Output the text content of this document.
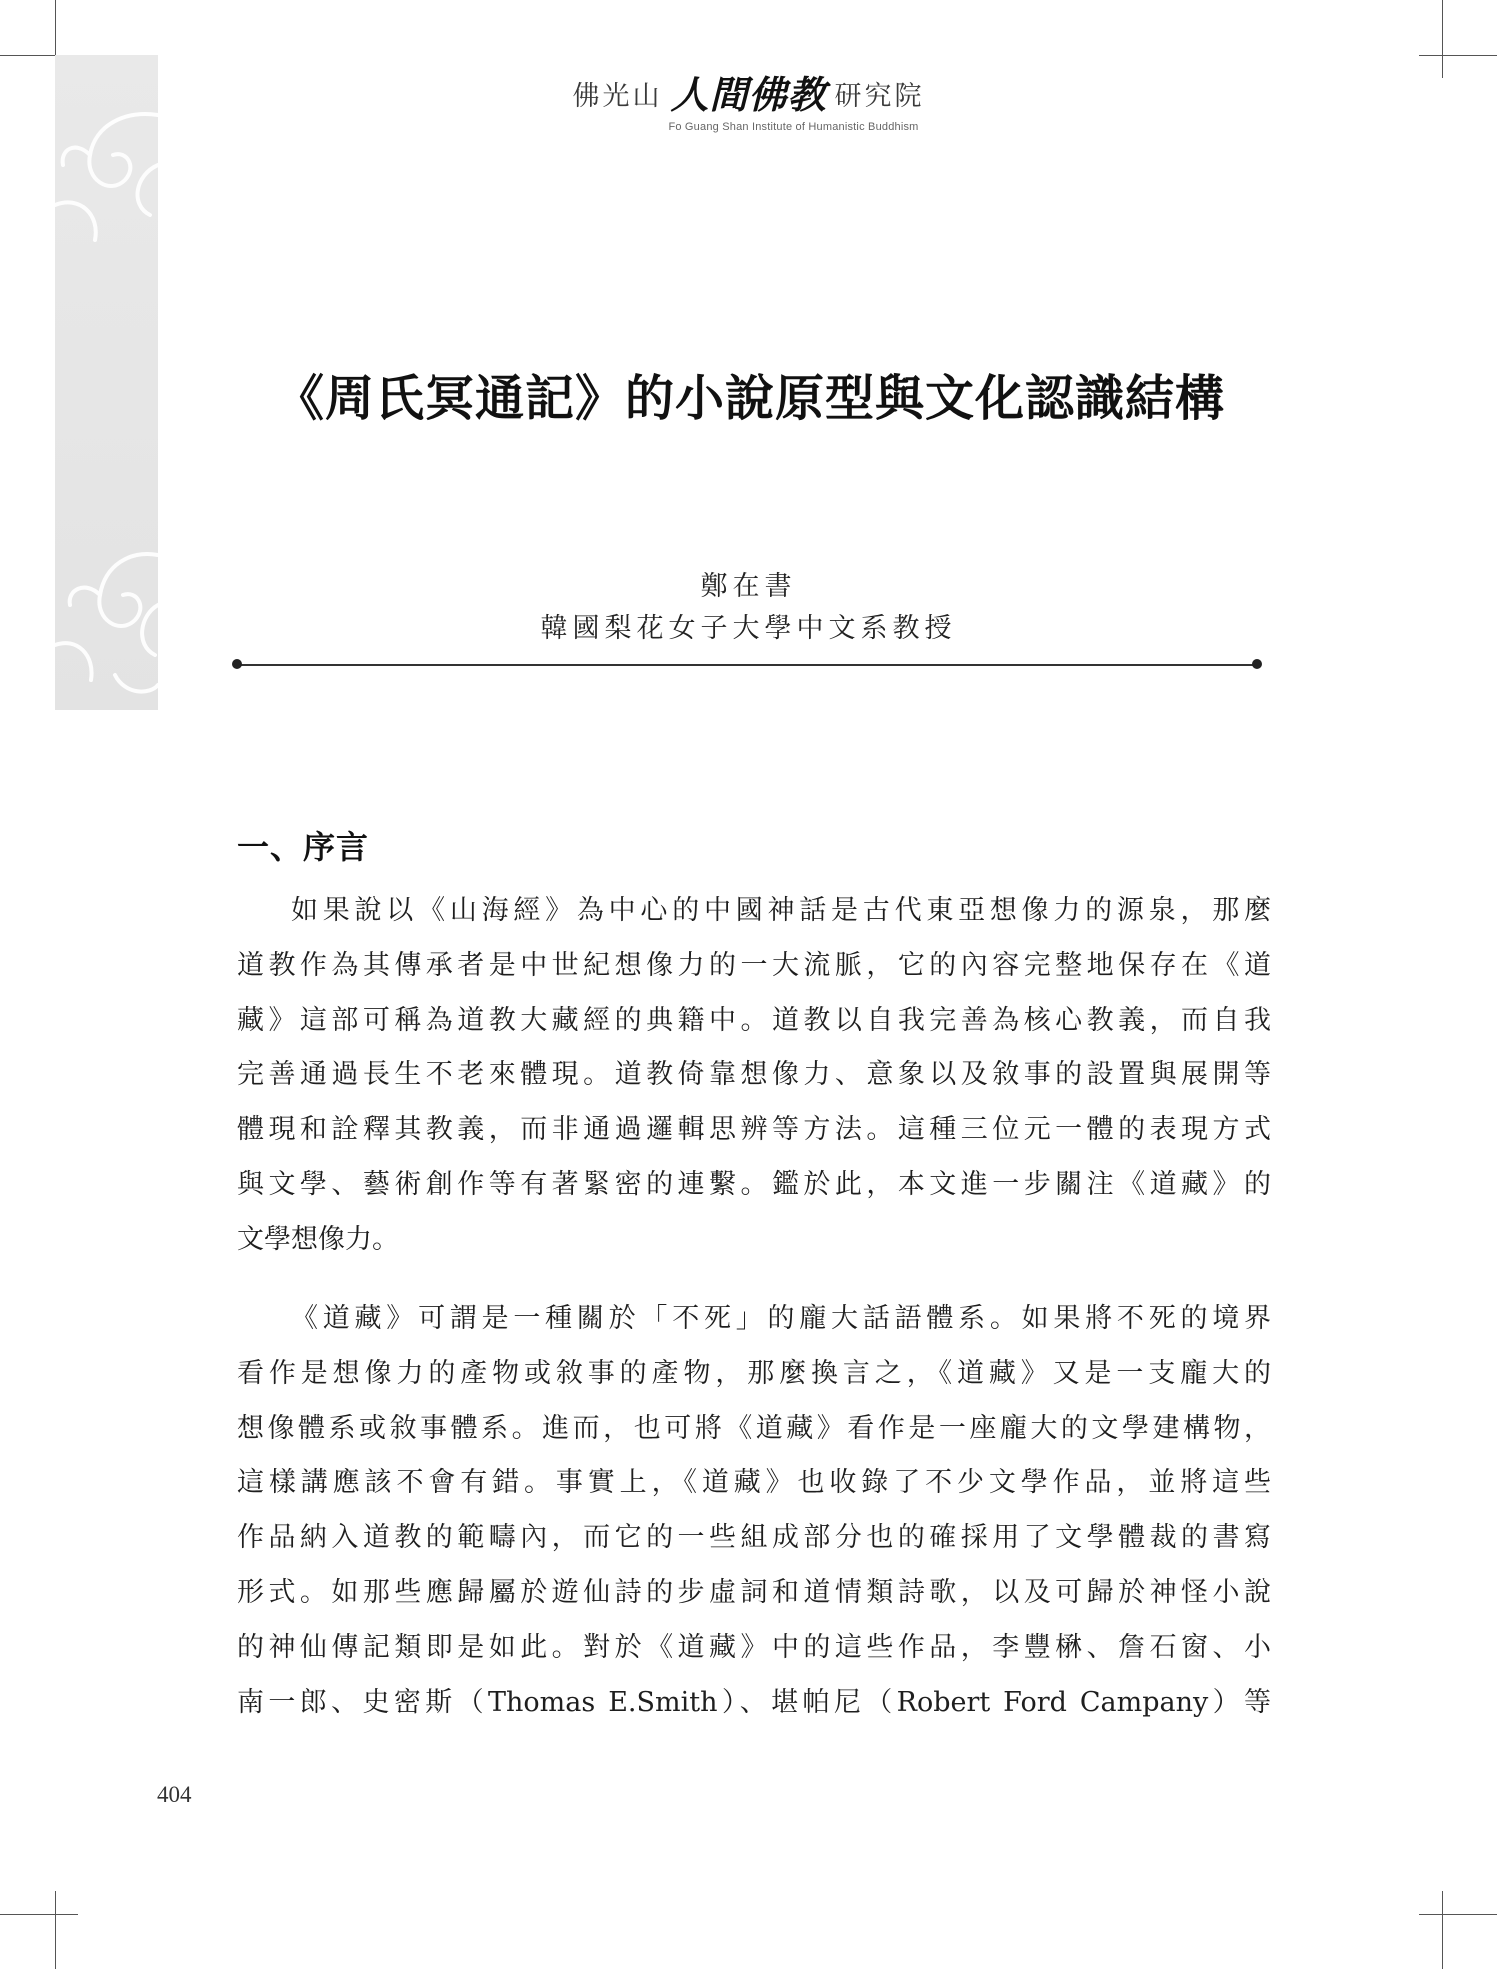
佛光山 人間佛教 研究院
Fo Guang Shan Institute of Humanistic Buddhism
《周氏冥通記》的小說原型與文化認識結構
鄭在書
韓國梨花女子大學中文系教授
一、序言
如果說以《山海經》為中心的中國神話是古代東亞想像力的源泉，那麼
道教作為其傳承者是中世紀想像力的一大流脈，它的內容完整地保存在《道
藏》這部可稱為道教大藏經的典籍中。道教以自我完善為核心教義，而自我
完善通過長生不老來體現。道教倚靠想像力、意象以及敘事的設置與展開等
體現和詮釋其教義，而非通過邏輯思辨等方法。這種三位元一體的表現方式
與文學、藝術創作等有著緊密的連繫。鑑於此，本文進一步關注《道藏》的
文學想像力。
《道藏》可謂是一種關於「不死」的龐大話語體系。如果將不死的境界
看作是想像力的產物或敘事的產物，那麼換言之，《道藏》又是一支龐大的
想像體系或敘事體系。進而，也可將《道藏》看作是一座龐大的文學建構物，
這樣講應該不會有錯。事實上，《道藏》也收錄了不少文學作品，並將這些
作品納入道教的範疇內，而它的一些組成部分也的確採用了文學體裁的書寫
形式。如那些應歸屬於遊仙詩的步虛詞和道情類詩歌，以及可歸於神怪小說
的神仙傳記類即是如此。對於《道藏》中的這些作品，李豐楙、詹石窗、小
南一郎、史密斯（Thomas E.Smith）、堪帕尼（Robert Ford Campany）等
404
